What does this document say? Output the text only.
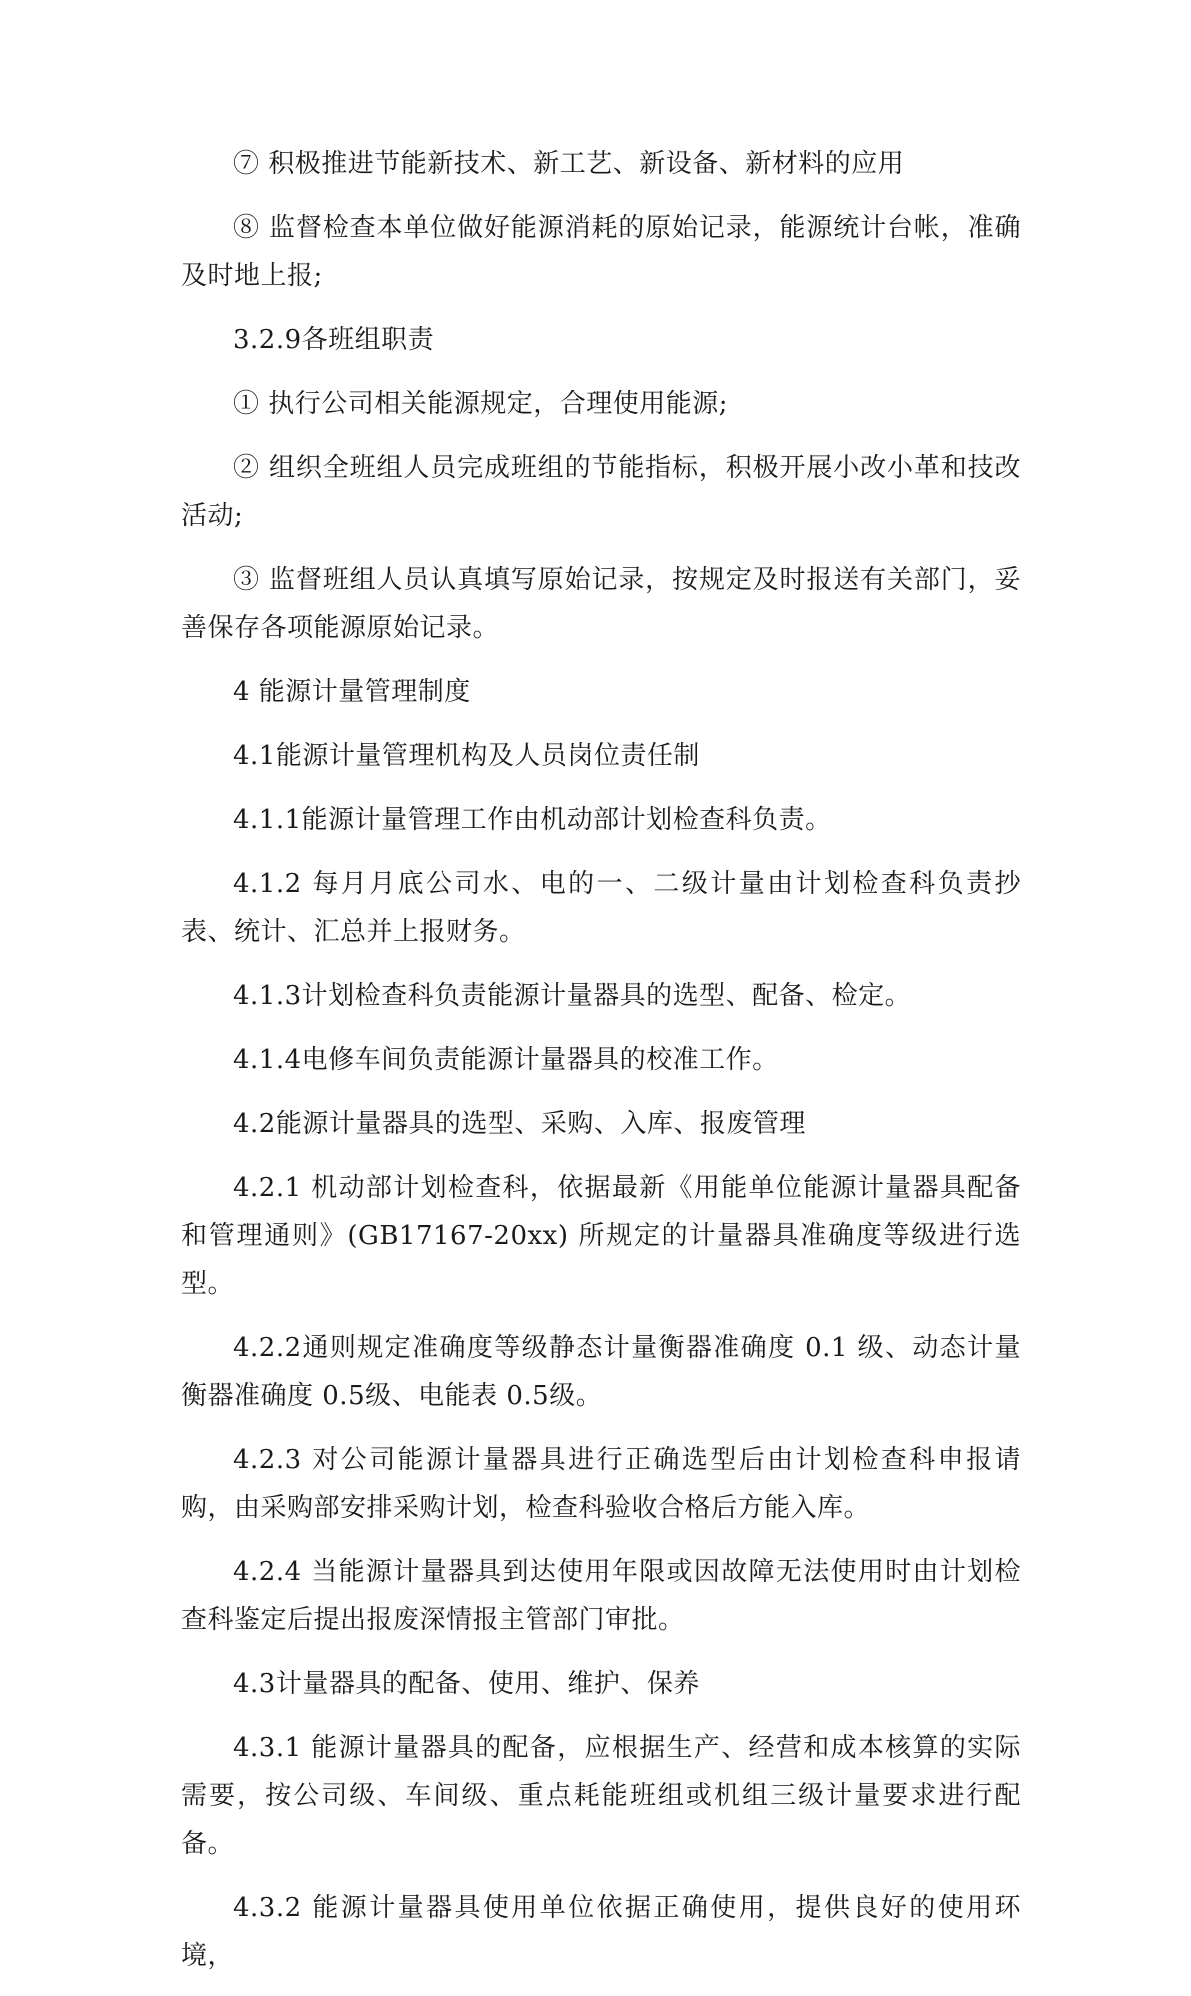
⑦ 积极推进节能新技术、新工艺、新设备、新材料的应用

⑧ 监督检查本单位做好能源消耗的原始记录，能源统计台帐，准确及时地上报;

3.2.9各班组职责

① 执行公司相关能源规定，合理使用能源;

② 组织全班组人员完成班组的节能指标，积极开展小改小革和技改活动;

③ 监督班组人员认真填写原始记录，按规定及时报送有关部门，妥善保存各项能源原始记录。

4 能源计量管理制度

4.1能源计量管理机构及人员岗位责任制

4.1.1能源计量管理工作由机动部计划检查科负责。

4.1.2 每月月底公司水、电的一、二级计量由计划检查科负责抄表、统计、汇总并上报财务。

4.1.3计划检查科负责能源计量器具的选型、配备、检定。

4.1.4电修车间负责能源计量器具的校准工作。

4.2能源计量器具的选型、采购、入库、报废管理

4.2.1 机动部计划检查科，依据最新《用能单位能源计量器具配备和管理通则》(GB17167-20xx) 所规定的计量器具准确度等级进行选型。

4.2.2通则规定准确度等级静态计量衡器准确度 0.1 级、动态计量衡器准确度 0.5级、电能表 0.5级。

4.2.3 对公司能源计量器具进行正确选型后由计划检查科申报请购，由采购部安排采购计划，检查科验收合格后方能入库。

4.2.4 当能源计量器具到达使用年限或因故障无法使用时由计划检查科鉴定后提出报废深情报主管部门审批。

4.3计量器具的配备、使用、维护、保养

4.3.1 能源计量器具的配备，应根据生产、经营和成本核算的实际需要，按公司级、车间级、重点耗能班组或机组三级计量要求进行配备。

4.3.2 能源计量器具使用单位依据正确使用，提供良好的使用环境，
